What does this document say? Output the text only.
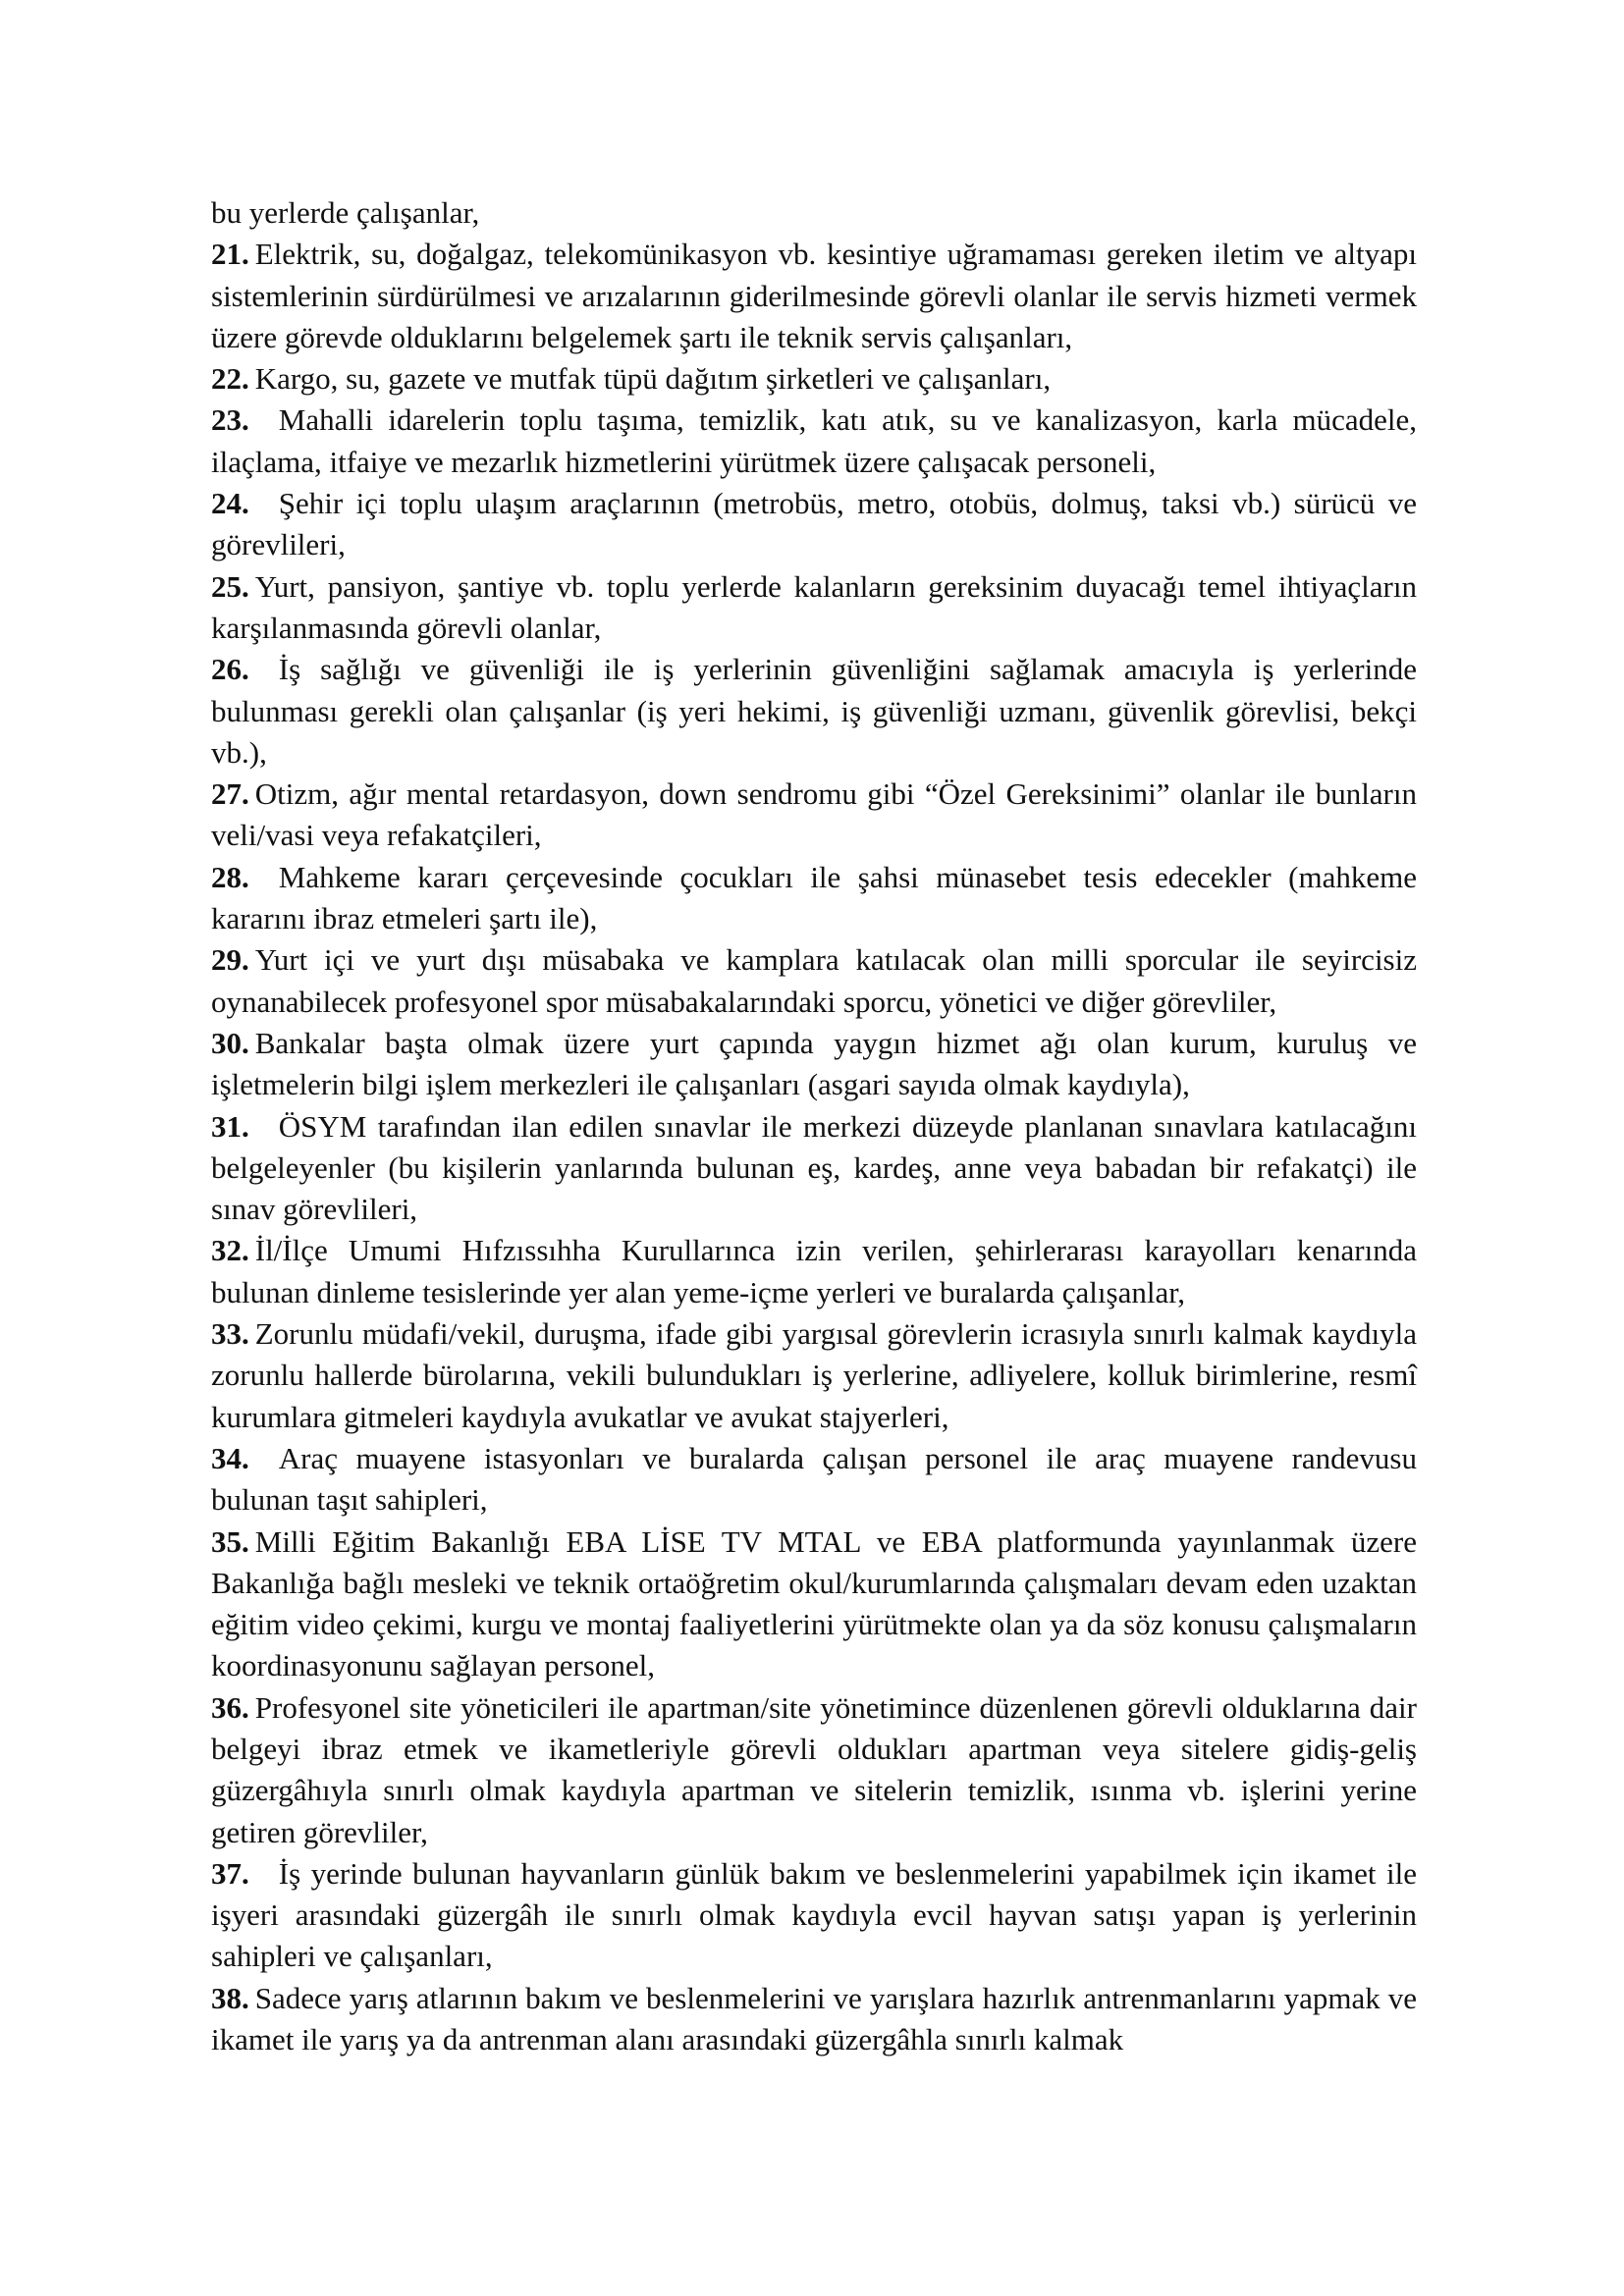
bu yerlerde çalışanlar,

21. Elektrik, su, doğalgaz, telekomünikasyon vb. kesintiye uğramaması gereken iletim ve altyapı sistemlerinin sürdürülmesi ve arızalarının giderilmesinde görevli olanlar ile servis hizmeti vermek üzere görevde olduklarını belgelemek şartı ile teknik servis çalışanları,

22. Kargo, su, gazete ve mutfak tüpü dağıtım şirketleri ve çalışanları,

23. Mahalli idarelerin toplu taşıma, temizlik, katı atık, su ve kanalizasyon, karla mücadele, ilaçlama, itfaiye ve mezarlık hizmetlerini yürütmek üzere çalışacak personeli,

24. Şehir içi toplu ulaşım araçlarının (metrobüs, metro, otobüs, dolmuş, taksi vb.) sürücü ve görevlileri,

25. Yurt, pansiyon, şantiye vb. toplu yerlerde kalanların gereksinim duyacağı temel ihtiyaçların karşılanmasında görevli olanlar,

26. İş sağlığı ve güvenliği ile iş yerlerinin güvenliğini sağlamak amacıyla iş yerlerinde bulunması gerekli olan çalışanlar (iş yeri hekimi, iş güvenliği uzmanı, güvenlik görevlisi, bekçi vb.),

27. Otizm, ağır mental retardasyon, down sendromu gibi “Özel Gereksinimi” olanlar ile bunların veli/vasi veya refakatçileri,

28. Mahkeme kararı çerçevesinde çocukları ile şahsi münasebet tesis edecekler (mahkeme kararını ibraz etmeleri şartı ile),

29. Yurt içi ve yurt dışı müsabaka ve kamplara katılacak olan milli sporcular ile seyircisiz oynanabilecek profesyonel spor müsabakalarındaki sporcu, yönetici ve diğer görevliler,

30. Bankalar başta olmak üzere yurt çapında yaygın hizmet ağı olan kurum, kuruluş ve işletmelerin bilgi işlem merkezleri ile çalışanları (asgari sayıda olmak kaydıyla),

31. ÖSYM tarafından ilan edilen sınavlar ile merkezi düzeyde planlanan sınavlara katılacağını belgeleyenler (bu kişilerin yanlarında bulunan eş, kardeş, anne veya babadan bir refakatçi) ile sınav görevlileri,

32. İl/İlçe Umumi Hıfzıssıhha Kurullarınca izin verilen, şehirlerarası karayolları kenarında bulunan dinleme tesislerinde yer alan yeme-içme yerleri ve buralarda çalışanlar,

33. Zorunlu müdafi/vekil, duruşma, ifade gibi yargısal görevlerin icrasıyla sınırlı kalmak kaydıyla zorunlu hallerde bürolarına, vekili bulundukları iş yerlerine, adliyelere, kolluk birimlerine, resmî kurumlara gitmeleri kaydıyla avukatlar ve avukat stajyerleri,

34. Araç muayene istasyonları ve buralarda çalışan personel ile araç muayene randevusu bulunan taşıt sahipleri,

35. Milli Eğitim Bakanlığı EBA LİSE TV MTAL ve EBA platformunda yayınlanmak üzere Bakanlığa bağlı mesleki ve teknik ortaöğretim okul/kurumlarında çalışmaları devam eden uzaktan eğitim video çekimi, kurgu ve montaj faaliyetlerini yürütmekte olan ya da söz konusu çalışmaların koordinasyonunu sağlayan personel,

36. Profesyonel site yöneticileri ile apartman/site yönetimince düzenlenen görevli olduklarına dair belgeyi ibraz etmek ve ikametleriyle görevli oldukları apartman veya sitelere gidiş-geliş güzergâhıyla sınırlı olmak kaydıyla apartman ve sitelerin temizlik, ısınma vb. işlerini yerine getiren görevliler,

37. İş yerinde bulunan hayvanların günlük bakım ve beslenmelerini yapabilmek için ikamet ile işyeri arasındaki güzergâh ile sınırlı olmak kaydıyla evcil hayvan satışı yapan iş yerlerinin sahipleri ve çalışanları,

38. Sadece yarış atlarının bakım ve beslenmelerini ve yarışlara hazırlık antrenmanlarını yapmak ve ikamet ile yarış ya da antrenman alanı arasındaki güzergâhla sınırlı kalmak
